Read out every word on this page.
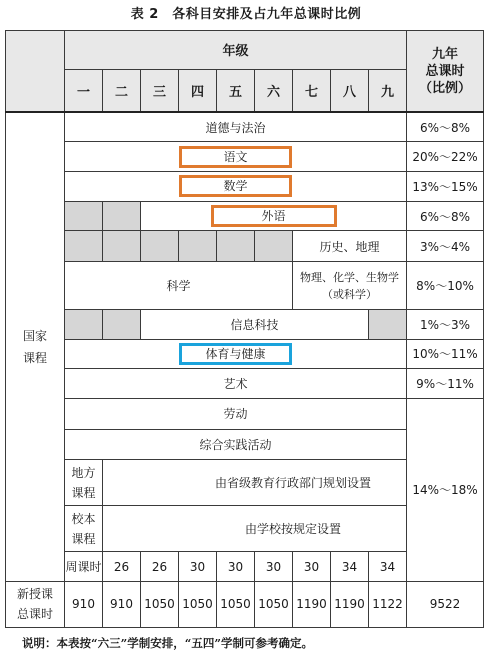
表 2　各科目安排及占九年总课时比例
	年级									九年
总课时
（比例）	
	一	二	三	四	五	六	七	八	九		
国家
课程	道德与法治									6%～8%	
	语文									20%～22%	
	数学									13%～15%	
			外语							6%～8%	
							历史、地理			3%～4%	
	科学						物理、化学、生物学（或科学）			8%～10%	
			信息科技							1%～3%	
	体育与健康									10%～11%	
	艺术									9%～11%	
	劳动									14%～18%	
	综合实践活动										
	地方
课程	由省级教育行政部门规划设置									
	校本
课程	由学校按规定设置									
	周课时	26	26	30	30	30	30	34	34		
新授课
总课时	910	910	1050	1050	1050	1050	1190	1190	1122	9522	
说明：本表按“六三”学制安排，“五四”学制可参考确定。
